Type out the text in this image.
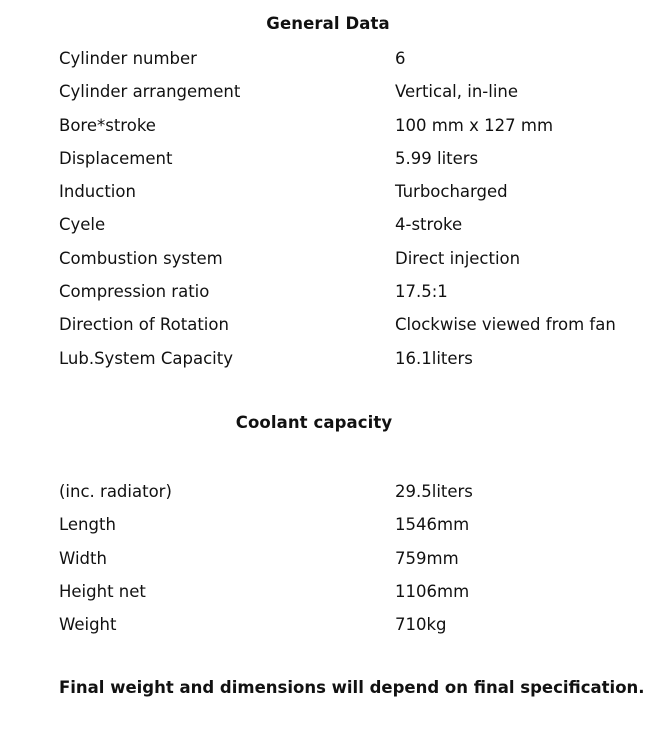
General Data
Cylinder number	6
Cylinder arrangement	Vertical, in-line
Bore*stroke	100 mm x 127 mm
Displacement	5.99 liters
Induction	Turbocharged
Cyele	4-stroke
Combustion system	Direct injection
Compression ratio	17.5:1
Direction of Rotation	Clockwise viewed from fan
Lub.System Capacity	16.1liters
Coolant capacity
(inc. radiator)	29.5liters
Length	1546mm
Width	759mm
Height net	1106mm
Weight	710kg
Final weight and dimensions will depend on final specification.
